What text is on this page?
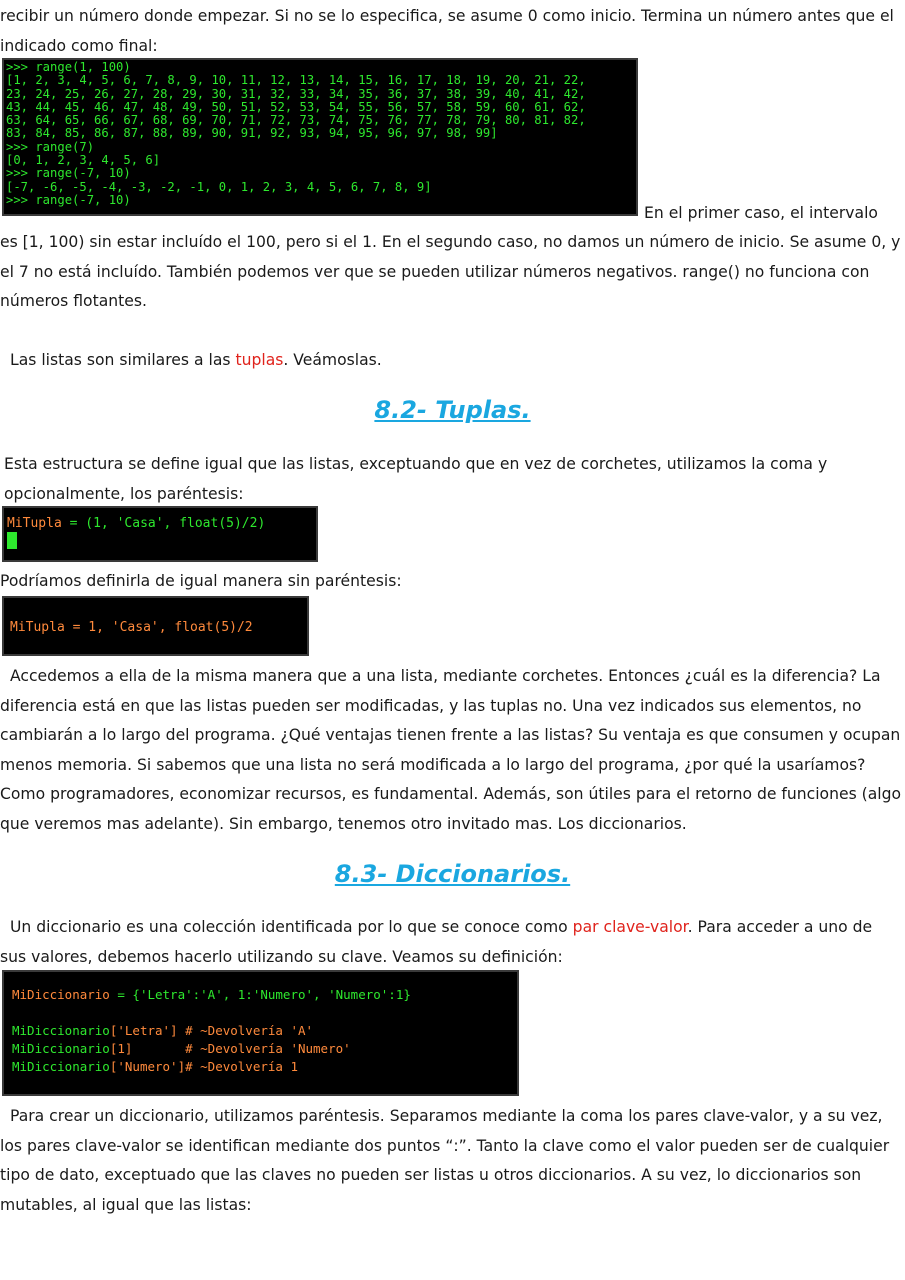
recibir un número donde empezar. Si no se lo especifica, se asume 0 como inicio. Termina un número antes que el indicado como final:

>>> range(1, 100)
[1, 2, 3, 4, 5, 6, 7, 8, 9, 10, 11, 12, 13, 14, 15, 16, 17, 18, 19, 20, 21, 22,
23, 24, 25, 26, 27, 28, 29, 30, 31, 32, 33, 34, 35, 36, 37, 38, 39, 40, 41, 42,
43, 44, 45, 46, 47, 48, 49, 50, 51, 52, 53, 54, 55, 56, 57, 58, 59, 60, 61, 62,
63, 64, 65, 66, 67, 68, 69, 70, 71, 72, 73, 74, 75, 76, 77, 78, 79, 80, 81, 82,
83, 84, 85, 86, 87, 88, 89, 90, 91, 92, 93, 94, 95, 96, 97, 98, 99]
>>> range(7)
[0, 1, 2, 3, 4, 5, 6]
>>> range(-7, 10)
[-7, -6, -5, -4, -3, -2, -1, 0, 1, 2, 3, 4, 5, 6, 7, 8, 9]
>>> range(-7, 10)
En el primer caso, el intervalo

es [1, 100) sin estar incluído el 100, pero si el 1. En el segundo caso, no damos un número de inicio. Se asume 0, y el 7 no está incluído. También podemos ver que se pueden utilizar números negativos. range() no funciona con números flotantes.

Las listas son similares a las tuplas. Veámoslas.

8.2- Tuplas.

Esta estructura se define igual que las listas, exceptuando que en vez de corchetes, utilizamos la coma y opcionalmente, los paréntesis:

MiTupla = (1, 'Casa', float(5)/2)

Podríamos definirla de igual manera sin paréntesis:

MiTupla = 1, 'Casa', float(5)/2

Accedemos a ella de la misma manera que a una lista, mediante corchetes. Entonces ¿cuál es la diferencia? La diferencia está en que las listas pueden ser modificadas, y las tuplas no. Una vez indicados sus elementos, no cambiarán a lo largo del programa. ¿Qué ventajas tienen frente a las listas? Su ventaja es que consumen y ocupan menos memoria. Si sabemos que una lista no será modificada a lo largo del programa, ¿por qué la usaríamos? Como programadores, economizar recursos, es fundamental. Además, son útiles para el retorno de funciones (algo que veremos mas adelante). Sin embargo, tenemos otro invitado mas. Los diccionarios.

8.3- Diccionarios.

Un diccionario es una colección identificada por lo que se conoce como par clave-valor. Para acceder a uno de sus valores, debemos hacerlo utilizando su clave. Veamos su definición:

MiDiccionario = {'Letra':'A', 1:'Numero', 'Numero':1}

MiDiccionario['Letra'] # ~Devolvería 'A'
MiDiccionario[1]       # ~Devolvería 'Numero'
MiDiccionario['Numero']# ~Devolvería 1

Para crear un diccionario, utilizamos paréntesis. Separamos mediante la coma los pares clave-valor, y a su vez, los pares clave-valor se identifican mediante dos puntos “:”. Tanto la clave como el valor pueden ser de cualquier tipo de dato, exceptuado que las claves no pueden ser listas u otros diccionarios. A su vez, lo diccionarios son mutables, al igual que las listas:
